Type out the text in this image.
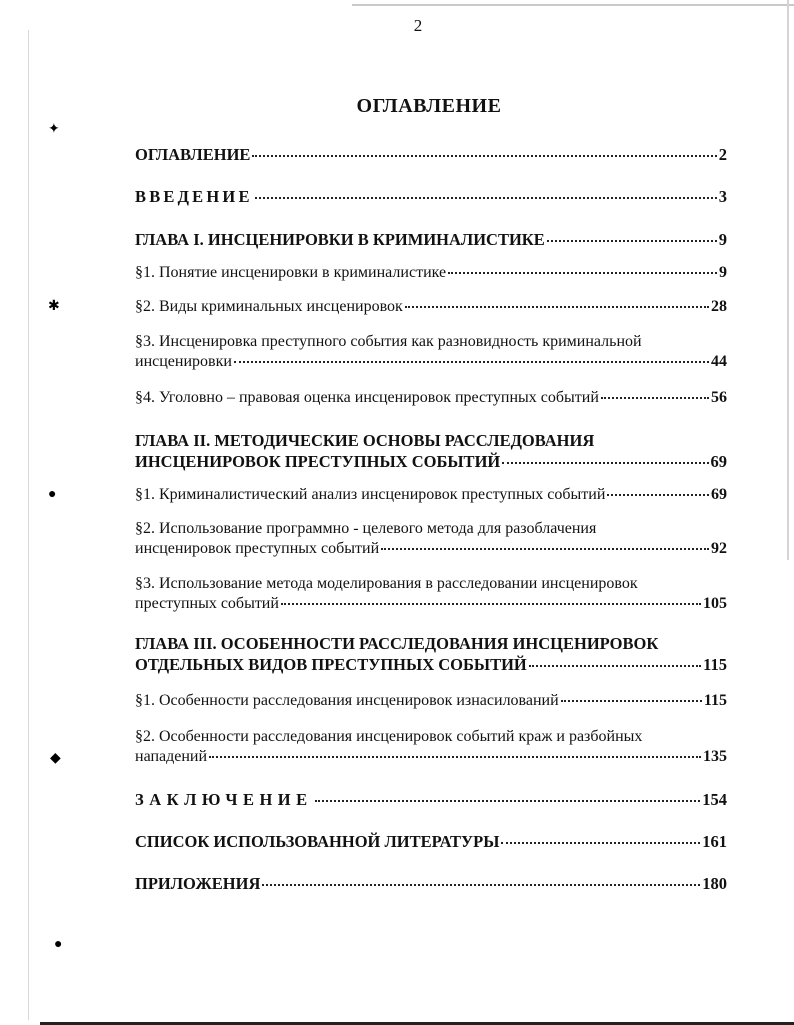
✦
✱
●
◆
●
2
ОГЛАВЛЕНИЕ
ОГЛАВЛЕНИЕ	2
ВВЕДЕНИЕ	3
ГЛАВА I. ИНСЦЕНИРОВКИ В КРИМИНАЛИСТИКЕ	9
§1. Понятие инсценировки в криминалистике	9
§2. Виды криминальных инсценировок	28
§3. Инсценировка преступного события как разновидность криминальной
инсценировки	44
§4. Уголовно – правовая оценка инсценировок преступных событий	56
ГЛАВА II. МЕТОДИЧЕСКИЕ ОСНОВЫ РАССЛЕДОВАНИЯ
ИНСЦЕНИРОВОК ПРЕСТУПНЫХ СОБЫТИЙ	69
§1. Криминалистический анализ инсценировок преступных событий	69
§2. Использование программно - целевого метода для разоблачения
инсценировок преступных событий	92
§3. Использование метода моделирования в расследовании инсценировок
преступных событий	105
ГЛАВА III. ОСОБЕННОСТИ РАССЛЕДОВАНИЯ ИНСЦЕНИРОВОК
ОТДЕЛЬНЫХ ВИДОВ ПРЕСТУПНЫХ СОБЫТИЙ	115
§1. Особенности расследования инсценировок изнасилований	115
§2. Особенности расследования инсценировок событий краж и разбойных
нападений	135
ЗАКЛЮЧЕНИЕ	154
СПИСОК ИСПОЛЬЗОВАННОЙ ЛИТЕРАТУРЫ	161
ПРИЛОЖЕНИЯ	180
